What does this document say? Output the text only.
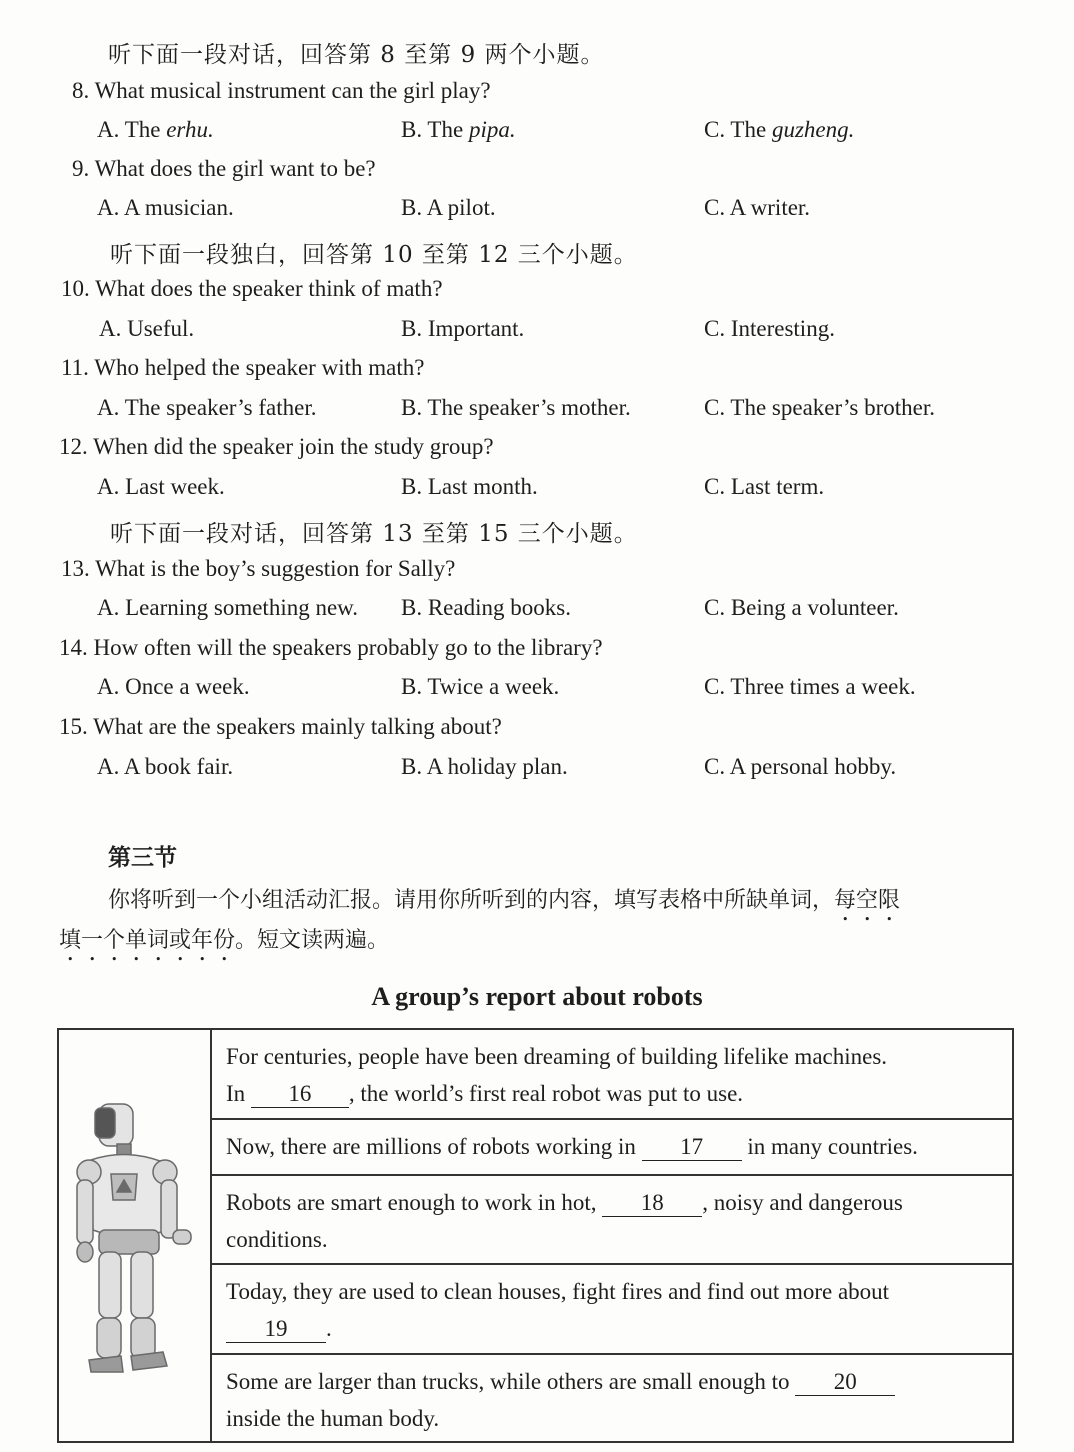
听下面一段对话，回答第 8 至第 9 两个小题。
8. What musical instrument can the girl play?
A. The erhu.	B. The pipa.	C. The guzheng.
9. What does the girl want to be?
A. A musician.	B. A pilot.	C. A writer.
听下面一段独白，回答第 10 至第 12 三个小题。
10. What does the speaker think of math?
A. Useful.	B. Important.	C. Interesting.
11. Who helped the speaker with math?
A. The speaker’s father.	B. The speaker’s mother.	C. The speaker’s brother.
12. When did the speaker join the study group?
A. Last week.	B. Last month.	C. Last term.
听下面一段对话，回答第 13 至第 15 三个小题。
13. What is the boy’s suggestion for Sally?
A. Learning something new. B. Reading books.	C. Being a volunteer.
14. How often will the speakers probably go to the library?
A. Once a week.	B. Twice a week.	C. Three times a week.
15. What are the speakers mainly talking about?
A. A book fair.	B. A holiday plan.	C. A personal hobby.
第三节
你将听到一个小组活动汇报。请用你所听到的内容，填写表格中所缺单词，每空限
填一个单词或年份。短文读两遍。
A group’s report about robots
For centuries, people have been dreaming of building lifelike machines.
In 16 , the world’s first real robot was put to use.
Now, there are millions of robots working in 17 in many countries.
Robots are smart enough to work in hot, 18 , noisy and dangerous
conditions.
Today, they are used to clean houses, fight fires and find out more about
19 .
Some are larger than trucks, while others are small enough to 20
inside the human body.
